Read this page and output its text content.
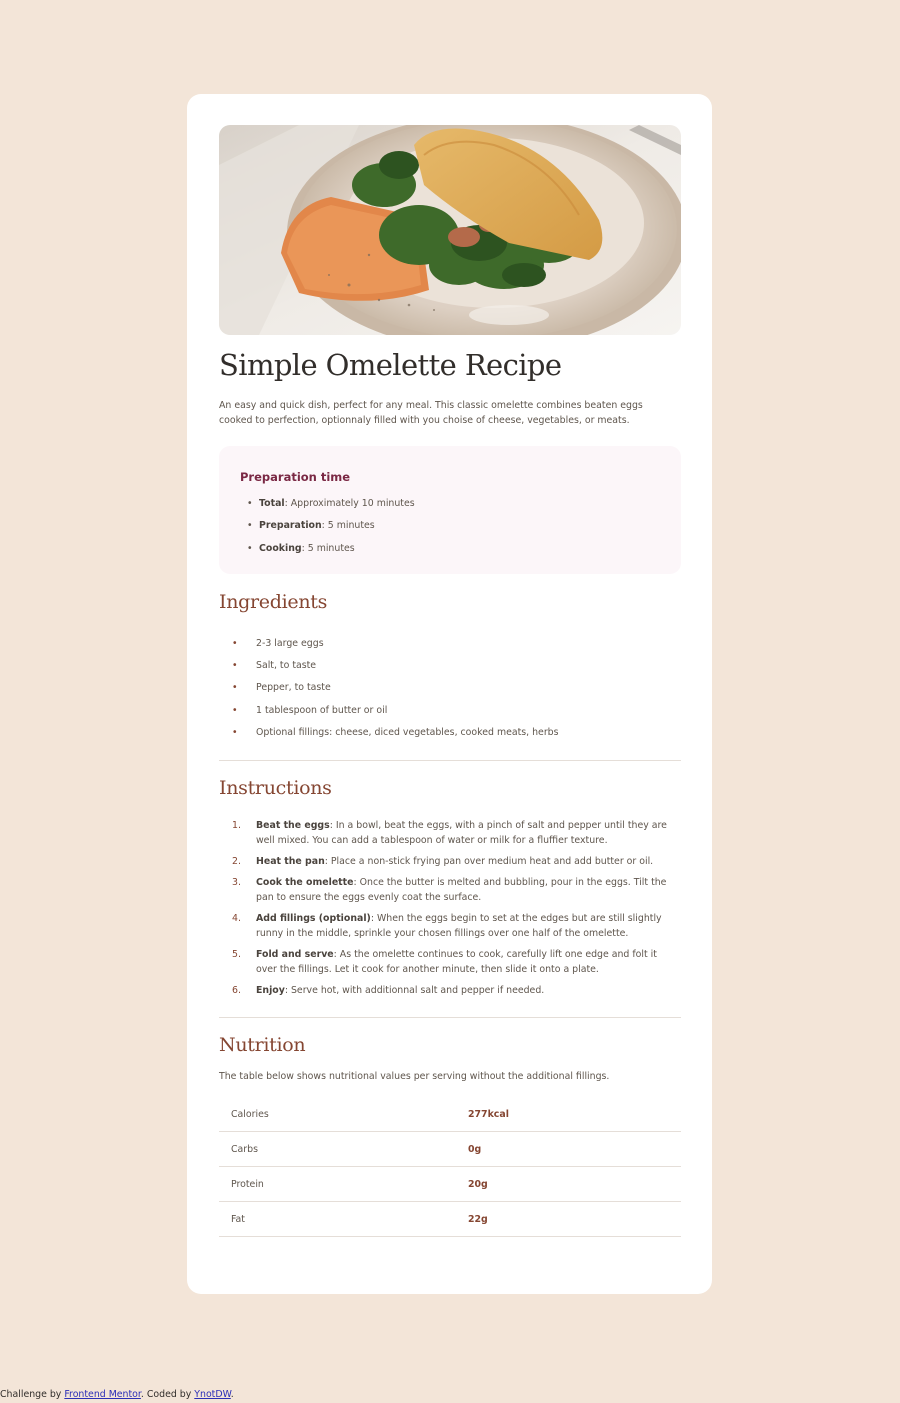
Simple Omelette Recipe

An easy and quick dish, perfect for any meal. This classic omelette combines beaten eggs cooked to perfection, optionnaly filled with you choise of cheese, vegetables, or meats.

Preparation time
• Total: Approximately 10 minutes
• Preparation: 5 minutes
• Cooking: 5 minutes
Ingredients
• 2-3 large eggs
• Salt, to taste
• Pepper, to taste
• 1 tablespoon of butter or oil
• Optional fillings: cheese, diced vegetables, cooked meats, herbs
Instructions
1. Beat the eggs: In a bowl, beat the eggs, with a pinch of salt and pepper until they are well mixed. You can add a tablespoon of water or milk for a fluffier texture.
2. Heat the pan: Place a non-stick frying pan over medium heat and add butter or oil.
3. Cook the omelette: Once the butter is melted and bubbling, pour in the eggs. Tilt the pan to ensure the eggs evenly coat the surface.
4. Add fillings (optional): When the eggs begin to set at the edges but are still slightly runny in the middle, sprinkle your chosen fillings over one half of the omelette.
5. Fold and serve: As the omelette continues to cook, carefully lift one edge and folt it over the fillings. Let it cook for another minute, then slide it onto a plate.
6. Enjoy: Serve hot, with additionnal salt and pepper if needed.
Nutrition

The table below shows nutritional values per serving without the additional fillings.

Calories	277kcal
Carbs	0g
Protein	20g
Fat	22g
Challenge by Frontend Mentor. Coded by YnotDW.
